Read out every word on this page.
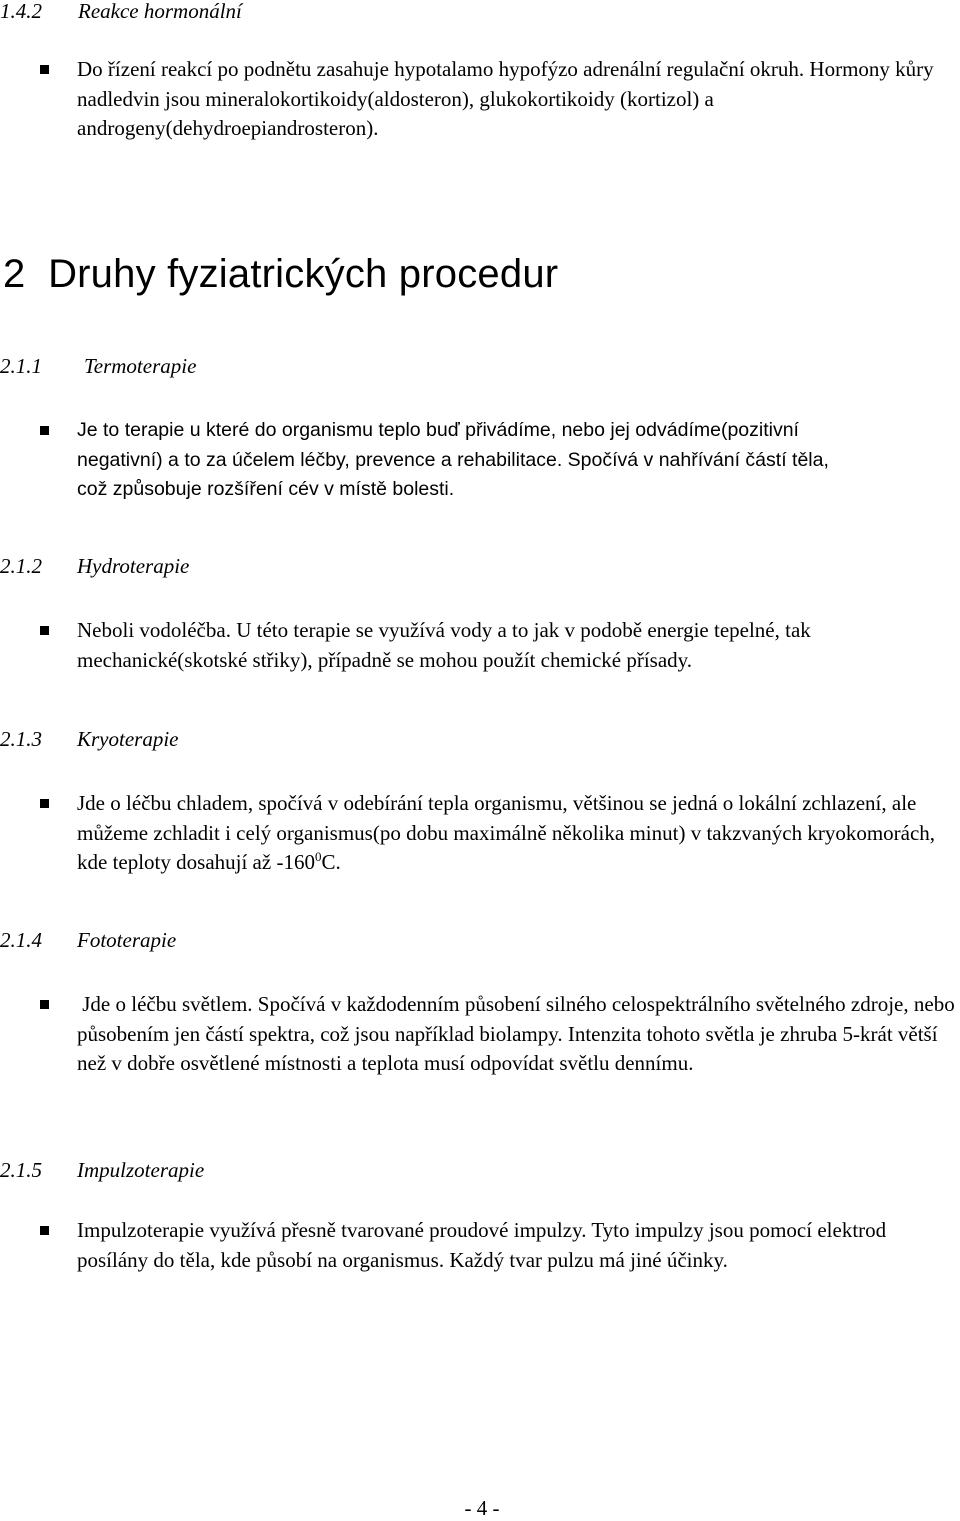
1.4.2 Reakce hormonální
Do řízení reakcí po podnětu zasahuje hypotalamo hypofýzo adrenální regulační okruh. Hormony kůry nadledvin jsou mineralokortikoidy(aldosteron), glukokortikoidy (kortizol) a androgeny(dehydroepiandrosteron).
2  Druhy fyziatrických procedur
2.1.1 Termoterapie
Je to terapie u které do organismu teplo buď přivádíme, nebo jej odvádíme(pozitivní
negativní) a to za účelem léčby, prevence a rehabilitace. Spočívá v nahřívání částí těla,
což způsobuje rozšíření cév v místě bolesti.
2.1.2 Hydroterapie
Neboli vodoléčba. U této terapie se využívá vody a to jak v podobě energie tepelné, tak mechanické(skotské střiky), případně se mohou použít chemické přísady.
2.1.3 Kryoterapie
Jde o léčbu chladem, spočívá v odebírání tepla organismu, většinou se jedná o lokální zchlazení, ale můžeme zchladit i celý organismus(po dobu maximálně několika minut) v takzvaných kryokomorách, kde teploty dosahují až $-160^0C$.
2.1.4 Fototerapie
Jde o léčbu světlem. Spočívá v každodenním působení silného celospektrálního světelného zdroje, nebo působením jen částí spektra, což jsou například biolampy. Intenzita tohoto světla je zhruba 5-krát větší než v dobře osvětlené místnosti a teplota musí odpovídat světlu dennímu.
2.1.5 Impulzoterapie
Impulzoterapie využívá přesně tvarované proudové impulzy. Tyto impulzy jsou pomocí elektrod posílány do těla, kde působí na organismus. Každý tvar pulzu má jiné účinky.
- 4 -
